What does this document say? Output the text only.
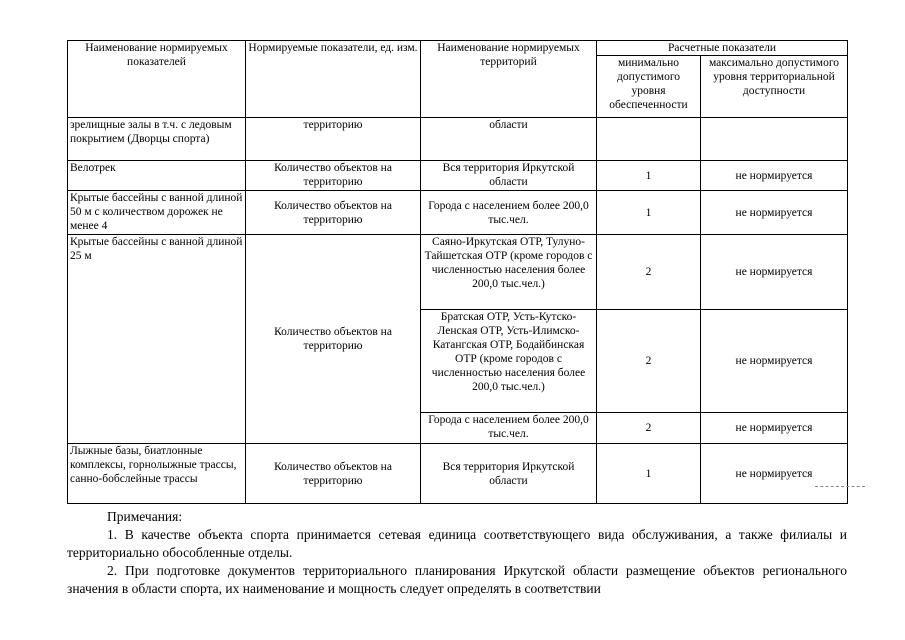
Наименование нормируемых показателей	Нормируемые показатели, ед. изм.	Наименование нормируемых территорий	Расчетные показатели	
			минимально допустимого уровня обеспеченности	максимально допустимого уровня территориальной доступности
зрелищные залы в т.ч. с ледовым покрытием (Дворцы спорта)	территорию	области		
Велотрек	Количество объектов на территорию	Вся территория Иркутской области	1	не нормируется
Крытые бассейны с ванной длиной 50 м с количеством дорожек не менее 4	Количество объектов на территорию	Города с населением более 200,0 тыс.чел.	1	не нормируется
Крытые бассейны с ванной длиной 25 м	Количество объектов на территорию	Саяно-Иркутская ОТР, Тулуно-Тайшетская ОТР (кроме городов с численностью населения более 200,0 тыс.чел.)	2	не нормируется
		Братская ОТР, Усть-Кутско-Ленская ОТР, Усть-Илимско-Катангская ОТР, Бодайбинская ОТР (кроме городов с численностью населения более 200,0 тыс.чел.)	2	не нормируется
		Города с населением более 200,0 тыс.чел.	2	не нормируется
Лыжные базы, биатлонные комплексы, горнолыжные трассы, санно-бобслейные трассы	Количество объектов на территорию	Вся территория Иркутской области	1	не нормируется

Примечания:

1. В качестве объекта спорта принимается сетевая единица соответствующего вида обслуживания, а также филиалы и территориально обособленные отделы.

2. При подготовке документов территориального планирования Иркутской области размещение объектов регионального значения в области спорта, их наименование и мощность следует определять в соответствии
